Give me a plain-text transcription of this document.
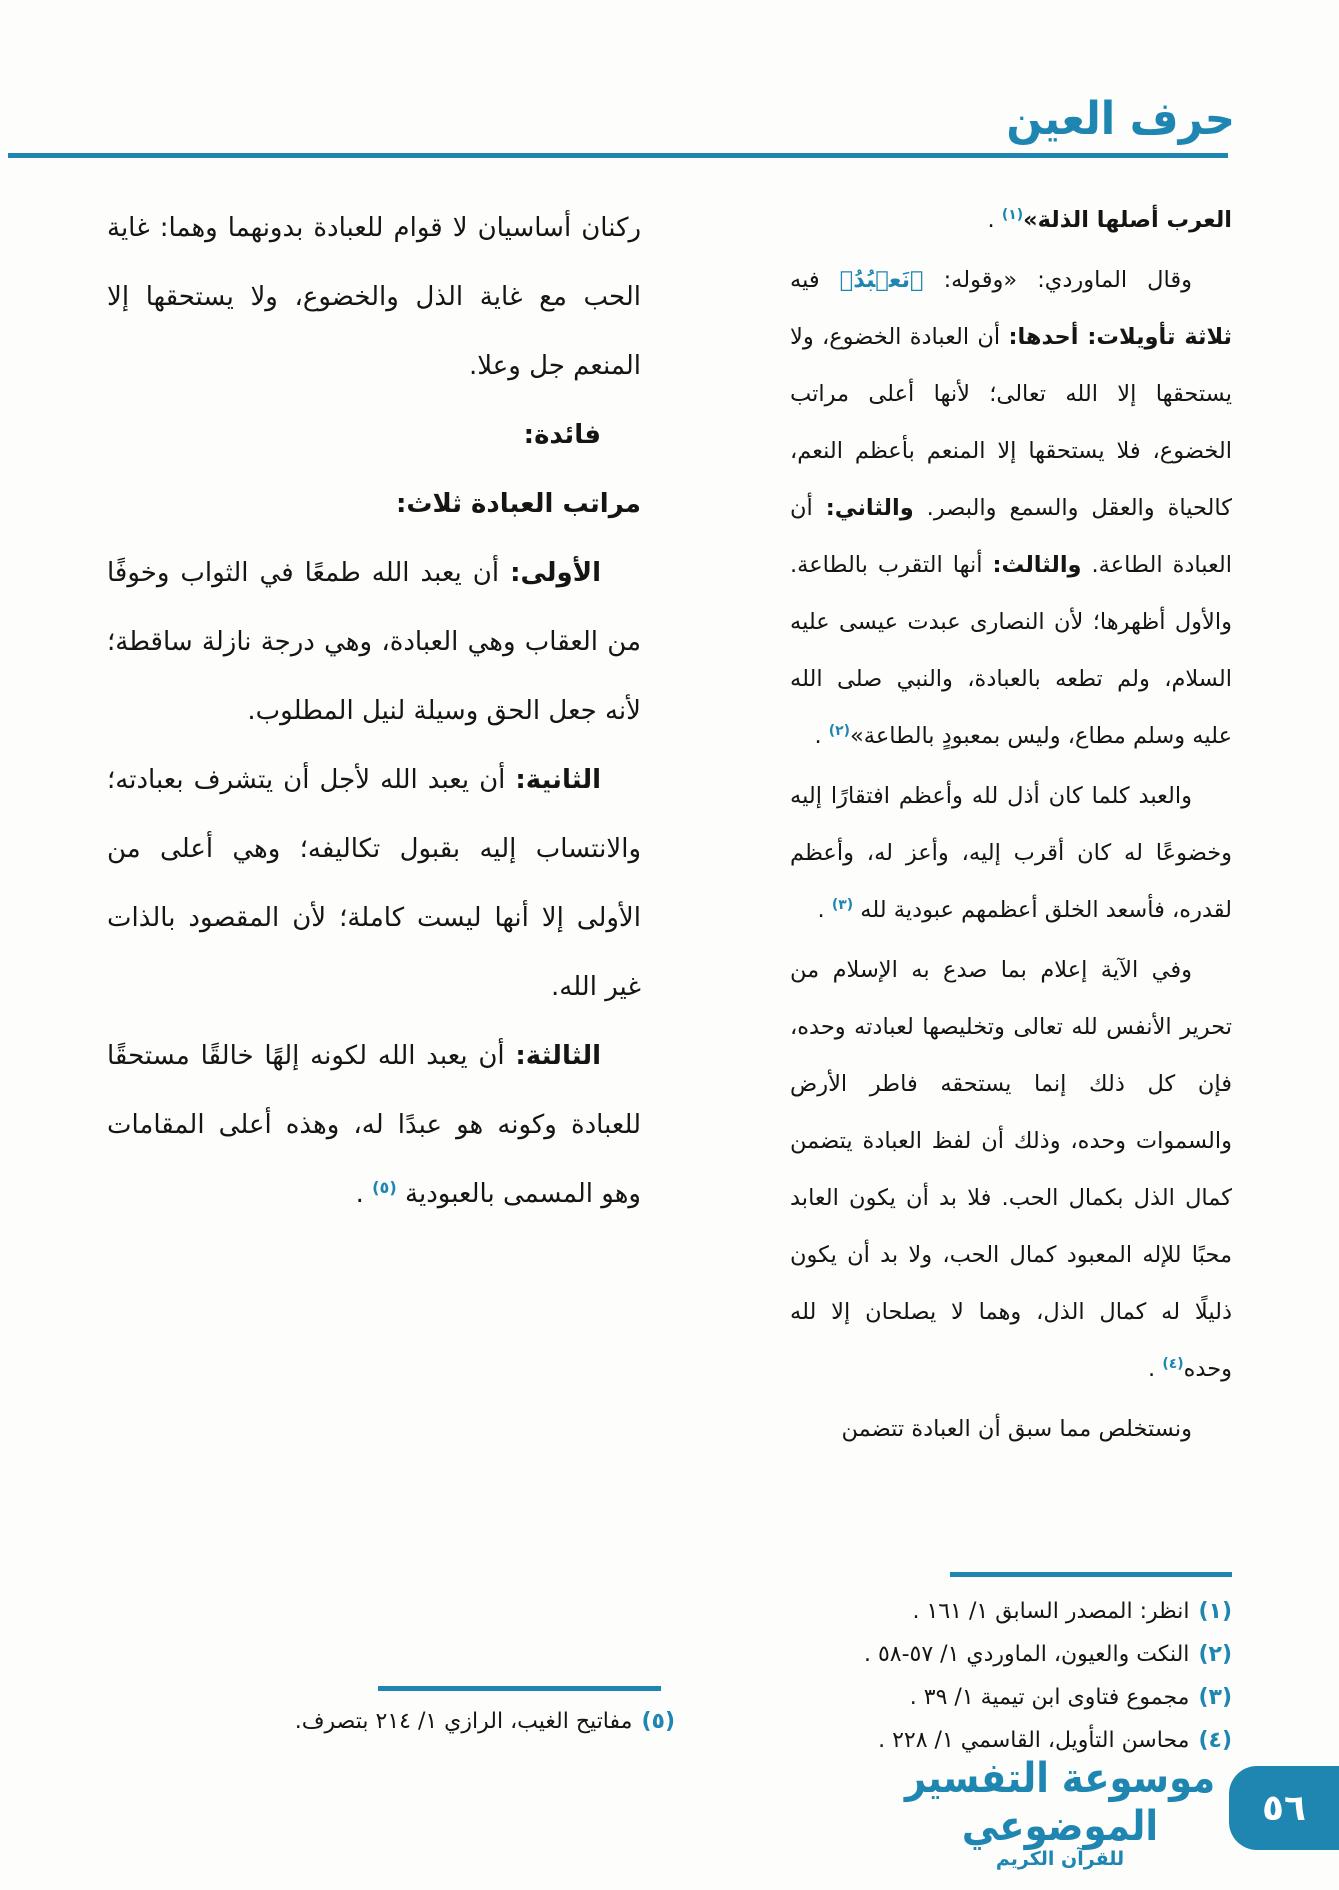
حرف العين
العرب أصلها الذلة»$^{(١)}$ .
وقال الماوردي: «وقوله: ﴿نَعۡبُدُ﴾ فيه ثلاثة تأويلات: أحدها: أن العبادة الخضوع، ولا يستحقها إلا الله تعالى؛ لأنها أعلى مراتب الخضوع، فلا يستحقها إلا المنعم بأعظم النعم، كالحياة والعقل والسمع والبصر. والثاني: أن العبادة الطاعة. والثالث: أنها التقرب بالطاعة. والأول أظهرها؛ لأن النصارى عبدت عيسى عليه السلام، ولم تطعه بالعبادة، والنبي صلى الله عليه وسلم مطاع، وليس بمعبودٍ بالطاعة»$^{(٢)}$ .
والعبد كلما كان أذل لله وأعظم افتقارًا إليه وخضوعًا له كان أقرب إليه، وأعز له، وأعظم لقدره، فأسعد الخلق أعظمهم عبودية لله $^{(٣)}$ .
وفي الآية إعلام بما صدع به الإسلام من تحرير الأنفس لله تعالى وتخليصها لعبادته وحده، فإن كل ذلك إنما يستحقه فاطر الأرض والسموات وحده، وذلك أن لفظ العبادة يتضمن كمال الذل بكمال الحب. فلا بد أن يكون العابد محبًا للإله المعبود كمال الحب، ولا بد أن يكون ذليلًا له كمال الذل، وهما لا يصلحان إلا لله وحده$^{(٤)}$ .
ونستخلص مما سبق أن العبادة تتضمن
ركنان أساسيان لا قوام للعبادة بدونهما وهما: غاية الحب مع غاية الذل والخضوع، ولا يستحقها إلا المنعم جل وعلا.
فائدة:
مراتب العبادة ثلاث:
الأولى: أن يعبد الله طمعًا في الثواب وخوفًا من العقاب وهي العبادة، وهي درجة نازلة ساقطة؛ لأنه جعل الحق وسيلة لنيل المطلوب.
الثانية: أن يعبد الله لأجل أن يتشرف بعبادته؛ والانتساب إليه بقبول تكاليفه؛ وهي أعلى من الأولى إلا أنها ليست كاملة؛ لأن المقصود بالذات غير الله.
الثالثة: أن يعبد الله لكونه إلهًا خالقًا مستحقًا للعبادة وكونه هو عبدًا له، وهذه أعلى المقامات وهو المسمى بالعبودية $^{(٥)}$ .
(١)انظر: المصدر السابق ١/ ١٦١ .
(٢)النكت والعيون، الماوردي ١/ ٥٧-٥٨ .
(٣)مجموع فتاوى ابن تيمية ١/ ٣٩ .
(٤)محاسن التأويل، القاسمي ١/ ٢٢٨ .
(٥)مفاتيح الغيب، الرازي ١/ ٢١٤ بتصرف.
موسوعة التفسير الموضوعي
للقرآن الكريم
٥٦
